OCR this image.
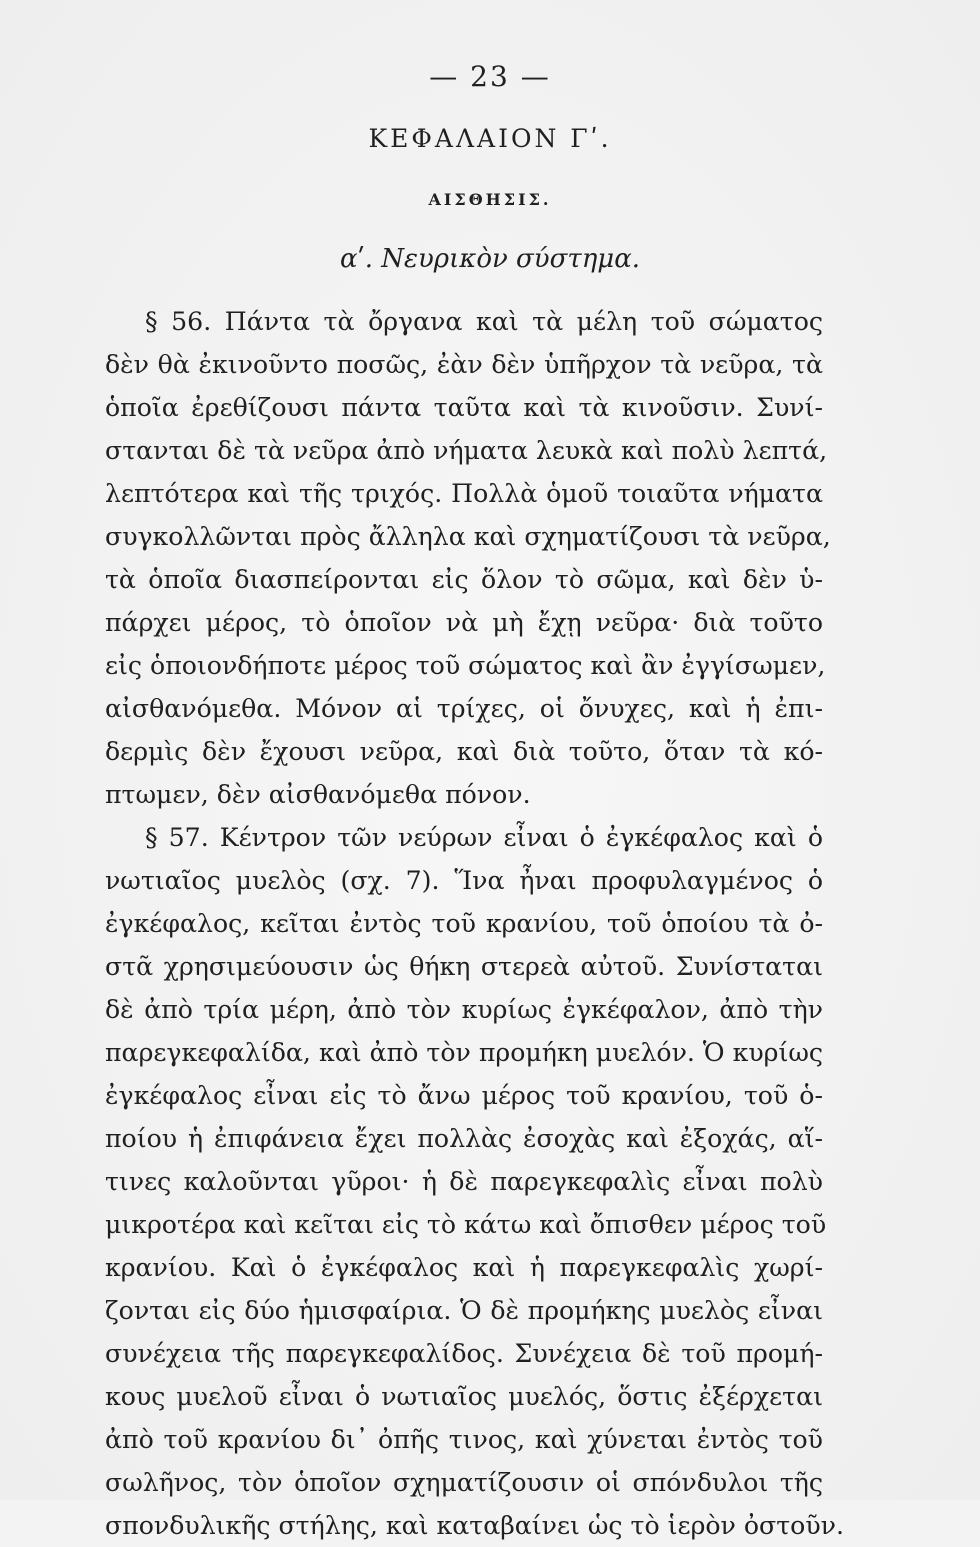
— 23 —
ΚΕΦΑΛΑΙΟΝ Γʹ.
ΑΙΣΘΗΣΙΣ.
αʹ. Νευρικὸν σύστημα.
§ 56. Πάντα τὰ ὄργανα καὶ τὰ μέλη τοῦ σώματος
δὲν θὰ ἐκινοῦντο ποσῶς, ἐὰν δὲν ὑπῆρχον τὰ νεῦρα, τὰ
ὁποῖα ἐρεθίζουσι πάντα ταῦτα καὶ τὰ κινοῦσιν. Συνί-
στανται δὲ τὰ νεῦρα ἀπὸ νήματα λευκὰ καὶ πολὺ λεπτά,
λεπτότερα καὶ τῆς τριχός. Πολλὰ ὁμοῦ τοιαῦτα νήματα
συγκολλῶνται πρὸς ἄλληλα καὶ σχηματίζουσι τὰ νεῦρα,
τὰ ὁποῖα διασπείρονται εἰς ὅλον τὸ σῶμα, καὶ δὲν ὑ-
πάρχει μέρος, τὸ ὁποῖον νὰ μὴ ἔχῃ νεῦρα· διὰ τοῦτο
εἰς ὁποιονδήποτε μέρος τοῦ σώματος καὶ ἂν ἐγγίσωμεν,
αἰσθανόμεθα. Μόνον αἱ τρίχες, οἱ ὄνυχες, καὶ ἡ ἐπι-
δερμὶς δὲν ἔχουσι νεῦρα, καὶ διὰ τοῦτο, ὅταν τὰ κό-
πτωμεν, δὲν αἰσθανόμεθα πόνον.
§ 57. Κέντρον τῶν νεύρων εἶναι ὁ ἐγκέφαλος καὶ ὁ
νωτιαῖος μυελὸς (σχ. 7). Ἵνα ἦναι προφυλαγμένος ὁ
ἐγκέφαλος, κεῖται ἐντὸς τοῦ κρανίου, τοῦ ὁποίου τὰ ὀ-
στᾶ χρησιμεύουσιν ὡς θήκη στερεὰ αὐτοῦ. Συνίσταται
δὲ ἀπὸ τρία μέρη, ἀπὸ τὸν κυρίως ἐγκέφαλον, ἀπὸ τὴν
παρεγκεφαλίδα, καὶ ἀπὸ τὸν προμήκη μυελόν. Ὁ κυρίως
ἐγκέφαλος εἶναι εἰς τὸ ἄνω μέρος τοῦ κρανίου, τοῦ ὁ-
ποίου ἡ ἐπιφάνεια ἔχει πολλὰς ἐσοχὰς καὶ ἐξοχάς, αἵ-
τινες καλοῦνται γῦροι· ἡ δὲ παρεγκεφαλὶς εἶναι πολὺ
μικροτέρα καὶ κεῖται εἰς τὸ κάτω καὶ ὄπισθεν μέρος τοῦ
κρανίου. Καὶ ὁ ἐγκέφαλος καὶ ἡ παρεγκεφαλὶς χωρί-
ζονται εἰς δύο ἡμισφαίρια. Ὁ δὲ προμήκης μυελὸς εἶναι
συνέχεια τῆς παρεγκεφαλίδος. Συνέχεια δὲ τοῦ προμή-
κους μυελοῦ εἶναι ὁ νωτιαῖος μυελός, ὅστις ἐξέρχεται
ἀπὸ τοῦ κρανίου δι᾽ ὀπῆς τινος, καὶ χύνεται ἐντὸς τοῦ
σωλῆνος, τὸν ὁποῖον σχηματίζουσιν οἱ σπόνδυλοι τῆς
σπονδυλικῆς στήλης, καὶ καταβαίνει ὡς τὸ ἱερὸν ὀστοῦν.
